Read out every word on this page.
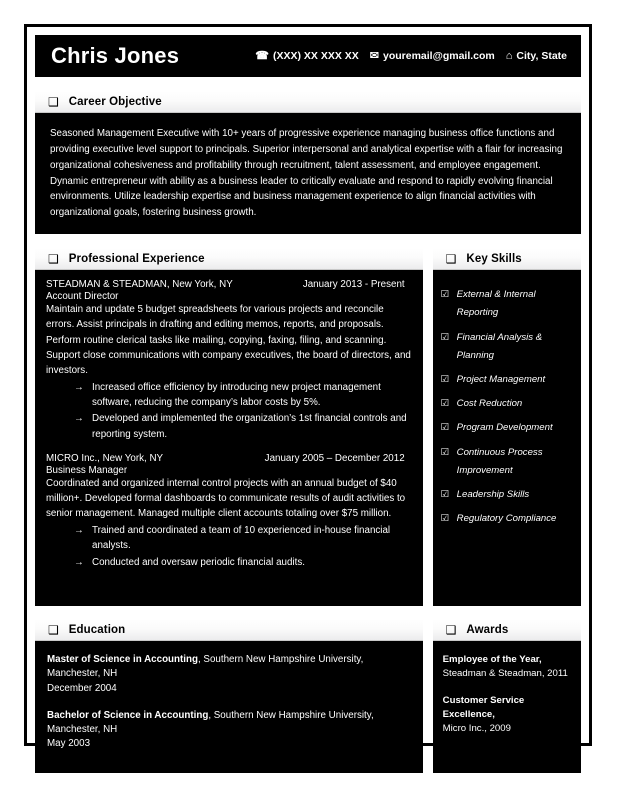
Chris Jones	☎ (XXX) XX XXX XX ✉ youremail@gmail.com ⌂ City, State
❑ Career Objective
Seasoned Management Executive with 10+ years of progressive experience managing business office functions and providing executive level support to principals. Superior interpersonal and analytical expertise with a flair for increasing organizational cohesiveness and profitability through recruitment, talent assessment, and employee engagement. Dynamic entrepreneur with ability as a business leader to critically evaluate and respond to rapidly evolving financial environments. Utilize leadership expertise and business management experience to align financial activities with organizational goals, fostering business growth.
❑ Professional Experience
STEADMAN & STEADMAN, New York, NY	January 2013 - Present
Account Director
Maintain and update 5 budget spreadsheets for various projects and reconcile errors. Assist principals in drafting and editing memos, reports, and proposals. Perform routine clerical tasks like mailing, copying, faxing, filing, and scanning. Support close communications with company executives, the board of directors, and investors.
→ Increased office efficiency by introducing new project management software, reducing the company’s labor costs by 5%.
→ Developed and implemented the organization’s 1st financial controls and reporting system.
MICRO Inc., New York, NY	January 2005 – December 2012
Business Manager
Coordinated and organized internal control projects with an annual budget of $40 million+. Developed formal dashboards to communicate results of audit activities to senior management. Managed multiple client accounts totaling over $75 million.
→ Trained and coordinated a team of 10 experienced in-house financial analysts.
→ Conducted and oversaw periodic financial audits.
❑ Key Skills
☑ External & Internal Reporting
☑ Financial Analysis & Planning
☑ Project Management
☑ Cost Reduction
☑ Program Development
☑ Continuous Process Improvement
☑ Leadership Skills
☑ Regulatory Compliance
❑ Education
Master of Science in Accounting, Southern New Hampshire University,
Manchester, NH
December 2004
Bachelor of Science in Accounting, Southern New Hampshire University,
Manchester, NH
May 2003
❑ Awards
Employee of the Year,
Steadman & Steadman, 2011
Customer Service Excellence,
Micro Inc., 2009
